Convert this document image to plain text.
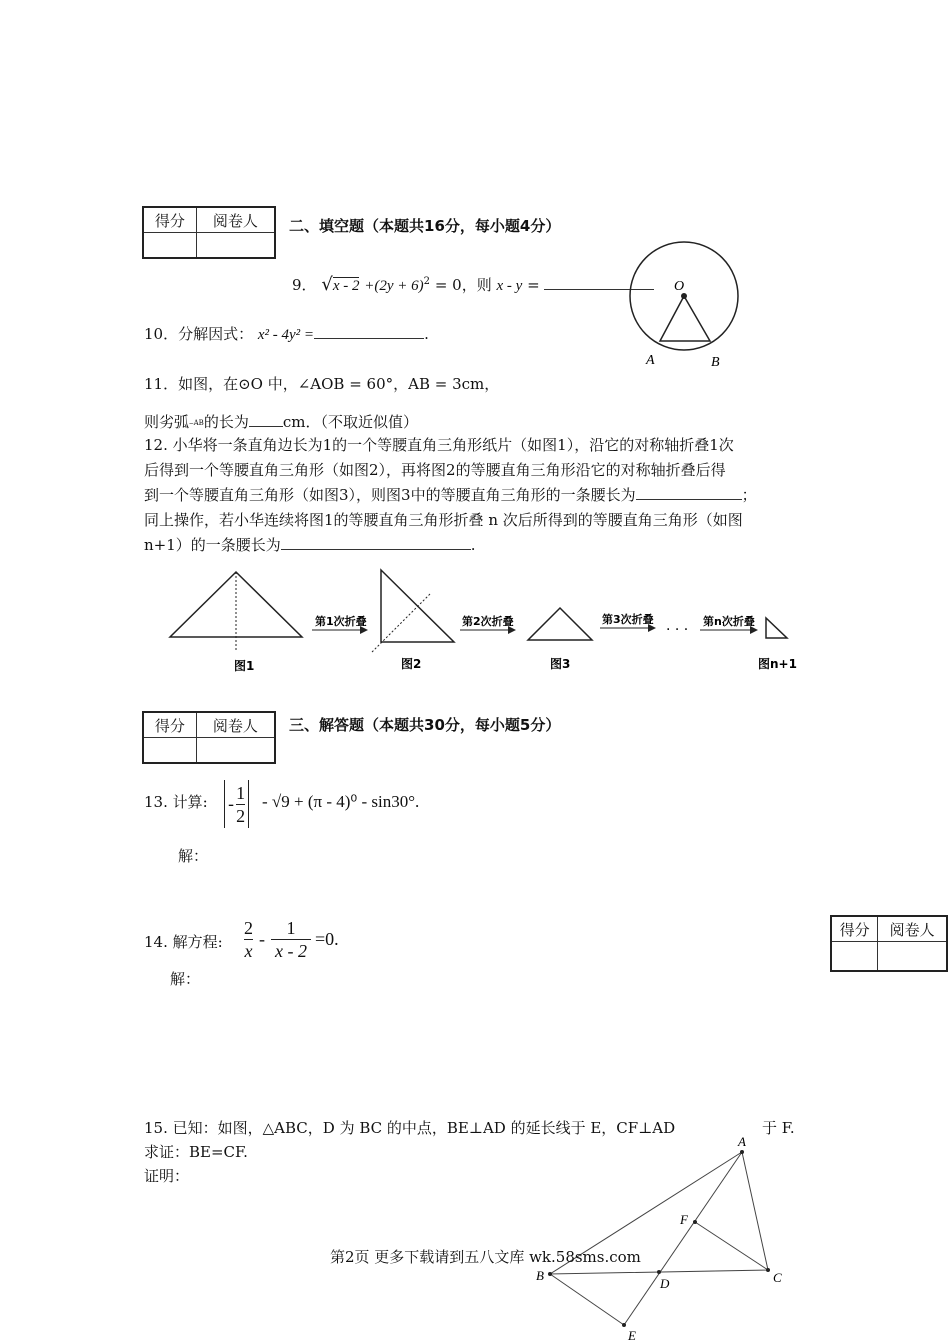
得分	阅卷人
	二、填空题（本题共16分，每小题4分）
9． $√x - 2 +(2y + 6)^2 = 0$，则 x - y =	O
A	B
10．分解因式： x² - 4y² =	.
11．如图，在⊙O 中，∠AOB = 60°，AB = 3cm，
则劣弧⌢AB的长为 cm．（不取近似值）
12. 小华将一条直角边长为1的一个等腰直角三角形纸片（如图1），沿它的对称轴折叠1次
后得到一个等腰直角三角形（如图2），再将图2的等腰直角三角形沿它的对称轴折叠后得
到一个等腰直角三角形（如图3），则图3中的等腰直角三角形的一条腰长为	；
同上操作，若小华连续将图1的等腰直角三角形折叠 n 次后所得到的等腰直角三角形（如图
n+1）的一条腰长为	.
第1次折叠	第2次折叠	第3次折叠	第n次折叠
· · ·
图1	图2	图3	图n+1
得分	阅卷人
	三、解答题（本题共30分，每小题5分）
13. 计算: - $\frac{1}{2} - √9 + (\pi - 4)^0 - \sin 30^\circ$.
解：
得分	阅卷人

14. 解方程: $\frac{2}{x} - \frac{1}{x - 2} =0$.
解：
15. 已知：如图，△ABC，D 为 BC 的中点，BE⊥AD 的延长线于 E，CF⊥AD	于 F.
求证：BE=CF.
证明：
A
B	C
D
E
F
第2页 更多下载请到五八文库 wk.58sms.com
